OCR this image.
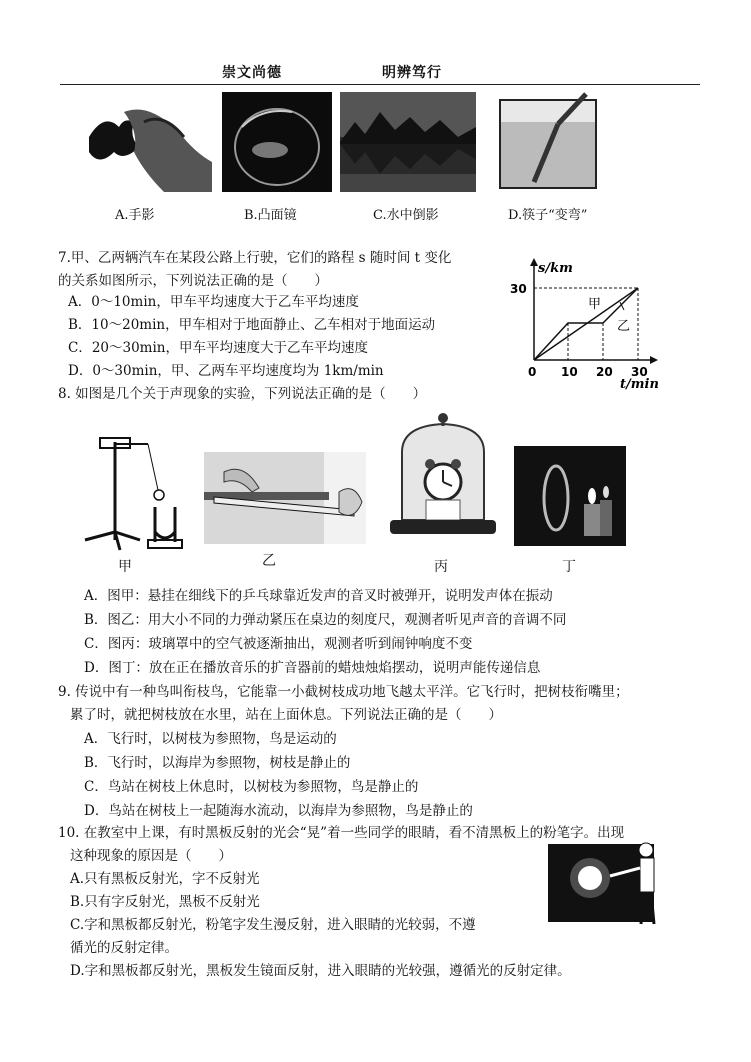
崇文尚德	明辨笃行
A.手影	B.凸面镜	C.水中倒影	D.筷子“变弯”
7.甲、乙两辆汽车在某段公路上行驶，它们的路程 s 随时间 t 变化
的关系如图所示，下列说法正确的是（　　）
A．0～10min，甲车平均速度大于乙车平均速度
B．10～20min，甲车相对于地面静止、乙车相对于地面运动
C．20～30min，甲车平均速度大于乙车平均速度
D．0～30min，甲、乙两车平均速度均为 1km/min
s/km
30
0 10 20 30
t/min
甲
乙
8. 如图是几个关于声现象的实验，下列说法正确的是（　　）
甲	乙	丙	丁
A．图甲：悬挂在细线下的乒乓球靠近发声的音叉时被弹开，说明发声体在振动
B．图乙：用大小不同的力弹动紧压在桌边的刻度尺，观测者听见声音的音调不同
C．图丙：玻璃罩中的空气被逐渐抽出，观测者听到闹钟响度不变
D．图丁：放在正在播放音乐的扩音器前的蜡烛烛焰摆动，说明声能传递信息
9. 传说中有一种鸟叫衔枝鸟，它能靠一小截树枝成功地飞越太平洋。它飞行时，把树枝衔嘴里；
累了时，就把树枝放在水里，站在上面休息。下列说法正确的是（　　）
A．飞行时，以树枝为参照物，鸟是运动的
B．飞行时，以海岸为参照物，树枝是静止的
C．鸟站在树枝上休息时，以树枝为参照物，鸟是静止的
D．鸟站在树枝上一起随海水流动，以海岸为参照物，鸟是静止的
10. 在教室中上课，有时黑板反射的光会“晃”着一些同学的眼睛，看不清黑板上的粉笔字。出现
这种现象的原因是（　　）
A.只有黑板反射光，字不反射光
B.只有字反射光，黑板不反射光
C.字和黑板都反射光，粉笔字发生漫反射，进入眼睛的光较弱，不遵
循光的反射定律。
D.字和黑板都反射光，黑板发生镜面反射，进入眼睛的光较强，遵循光的反射定律。
